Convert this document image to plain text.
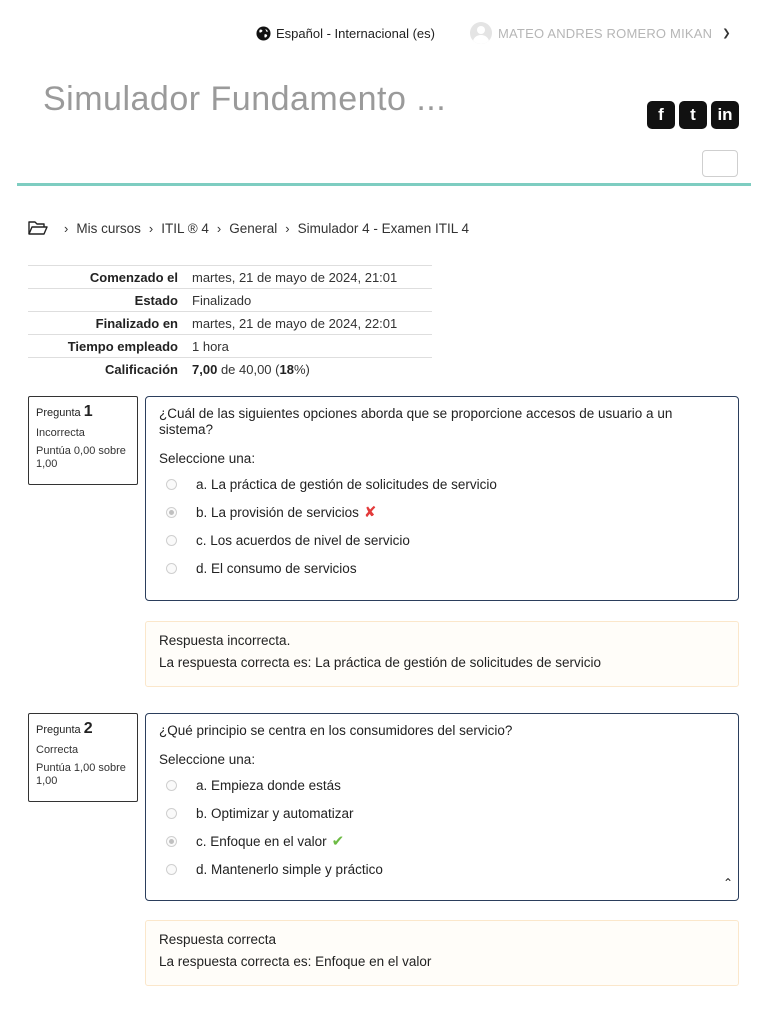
Español - Internacional (es)	MATEO ANDRES ROMERO MIKAN ❯
Simulador Fundamento ...	f	t	in
› Mis cursos › ITIL ® 4 › General › Simulador 4 - Examen ITIL 4
Comenzado el	martes, 21 de mayo de 2024, 21:01
Estado	Finalizado
Finalizado en	martes, 21 de mayo de 2024, 22:01
Tiempo empleado	1 hora
Calificación	7,00 de 40,00 (18%)
Pregunta 1
Incorrecta
Puntúa 0,00 sobre 1,00
¿Cuál de las siguientes opciones aborda que se proporcione accesos de usuario a un sistema?
Seleccione una:
a. La práctica de gestión de solicitudes de servicio
b. La provisión de servicios ✘
c. Los acuerdos de nivel de servicio
d. El consumo de servicios
Respuesta incorrecta.
La respuesta correcta es: La práctica de gestión de solicitudes de servicio
Pregunta 2
Correcta
Puntúa 1,00 sobre 1,00
¿Qué principio se centra en los consumidores del servicio?
Seleccione una:
a. Empieza donde estás
b. Optimizar y automatizar
c. Enfoque en el valor ✔
d. Mantenerlo simple y práctico
⌃
Respuesta correcta
La respuesta correcta es: Enfoque en el valor
